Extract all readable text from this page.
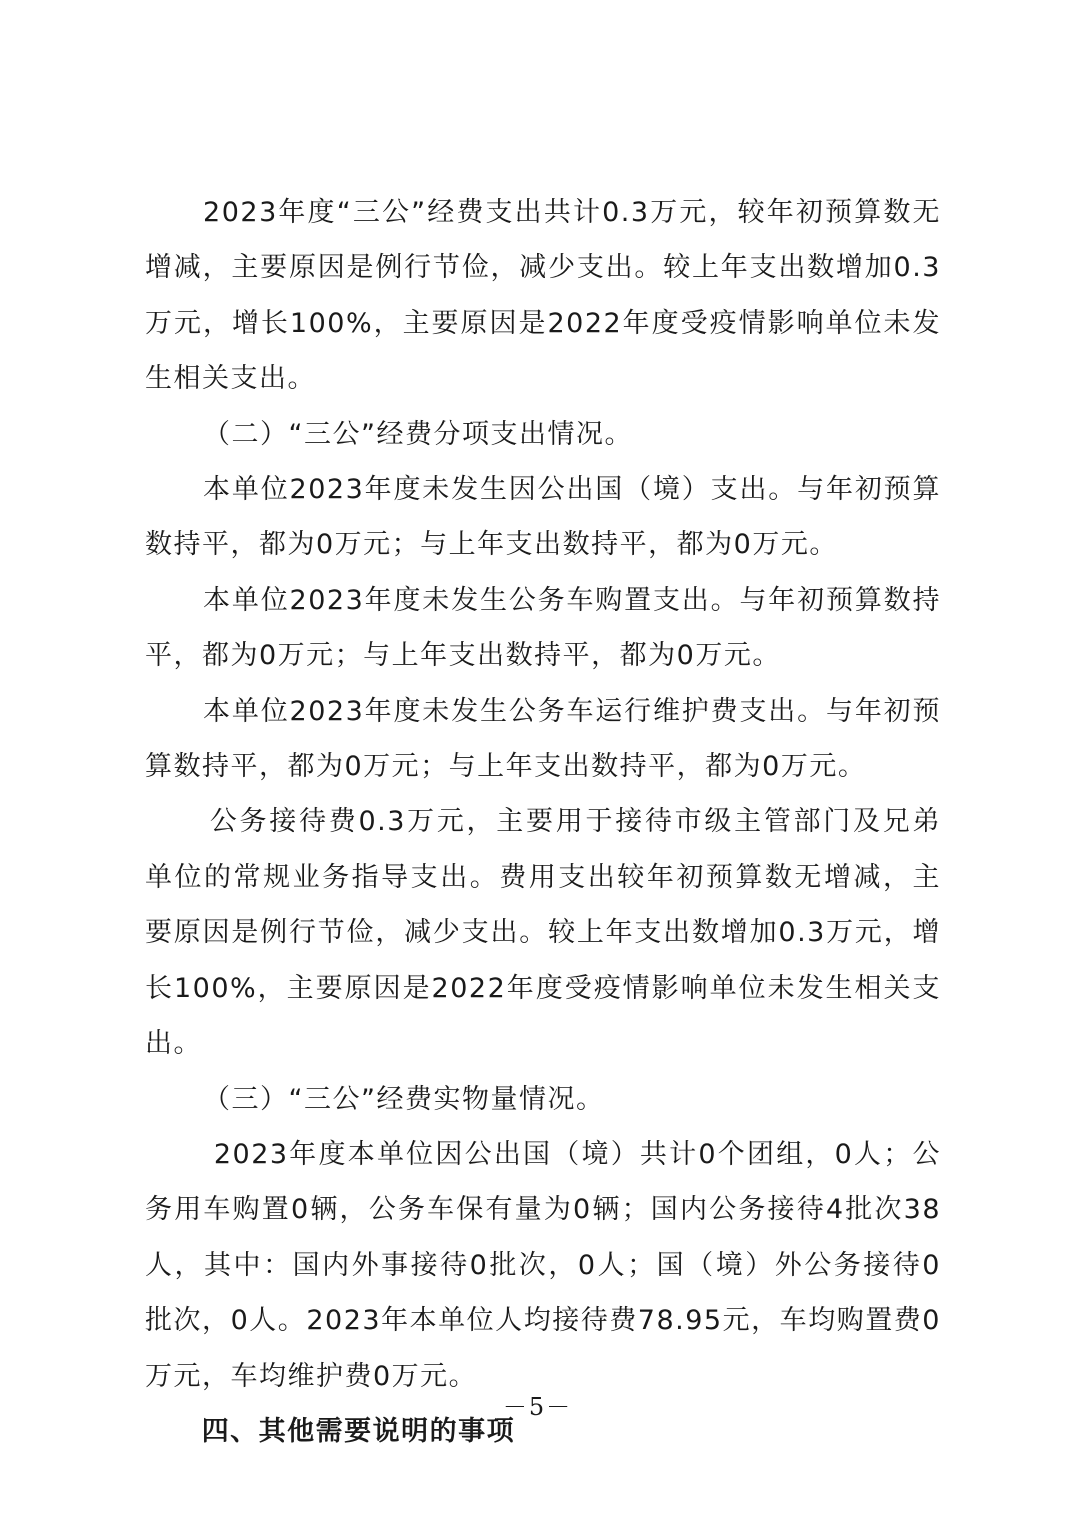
2023年度“三公”经费支出共计0.3万元，较年初预算数无增减，主要原因是例行节俭，减少支出。较上年支出数增加0.3万元，增长100%，主要原因是2022年度受疫情影响单位未发生相关支出。

（二）“三公”经费分项支出情况。

本单位2023年度未发生因公出国（境）支出。与年初预算数持平，都为0万元；与上年支出数持平，都为0万元。

本单位2023年度未发生公务车购置支出。与年初预算数持平，都为0万元；与上年支出数持平，都为0万元。

本单位2023年度未发生公务车运行维护费支出。与年初预算数持平，都为0万元；与上年支出数持平，都为0万元。

公务接待费0.3万元，主要用于接待市级主管部门及兄弟单位的常规业务指导支出。费用支出较年初预算数无增减，主要原因是例行节俭，减少支出。较上年支出数增加0.3万元，增长100%，主要原因是2022年度受疫情影响单位未发生相关支出。

（三）“三公”经费实物量情况。

2023年度本单位因公出国（境）共计0个团组，0人；公务用车购置0辆，公务车保有量为0辆；国内公务接待4批次38人，其中：国内外事接待0批次，0人；国（境）外公务接待0批次，0人。2023年本单位人均接待费78.95元，车均购置费0万元，车均维护费0万元。

四、其他需要说明的事项

－5－
